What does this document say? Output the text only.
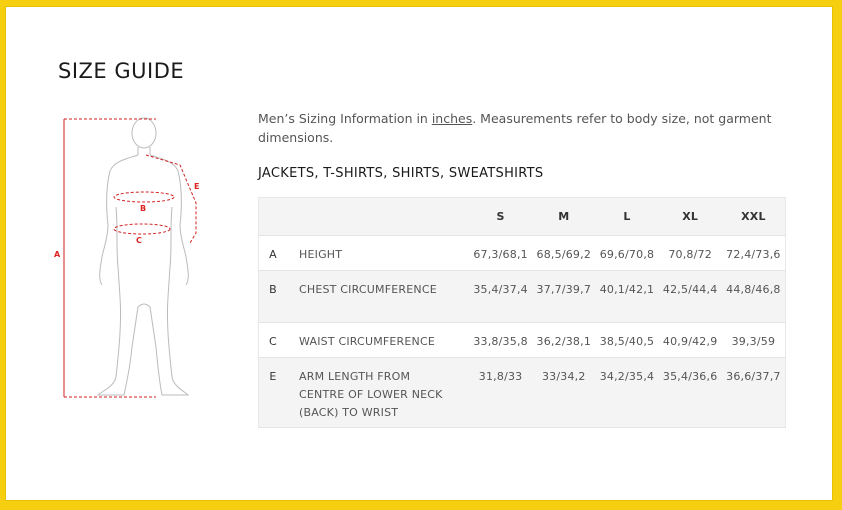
SIZE GUIDE
A
B
C
E
Men’s Sizing Information in inches. Measurements refer to body size, not garment dimensions.
JACKETS, T-SHIRTS, SHIRTS, SWEATSHIRTS
		S	M	L	XL	XXL
A	HEIGHT	67,3/68,1	68,5/69,2	69,6/70,8	70,8/72	72,4/73,6
B	CHEST CIRCUMFERENCE	35,4/37,4	37,7/39,7	40,1/42,1	42,5/44,4	44,8/46,8
C	WAIST CIRCUMFERENCE	33,8/35,8	36,2/38,1	38,5/40,5	40,9/42,9	39,3/59
E	ARM LENGTH FROM CENTRE OF LOWER NECK (BACK) TO WRIST	31,8/33	33/34,2	34,2/35,4	35,4/36,6	36,6/37,7
